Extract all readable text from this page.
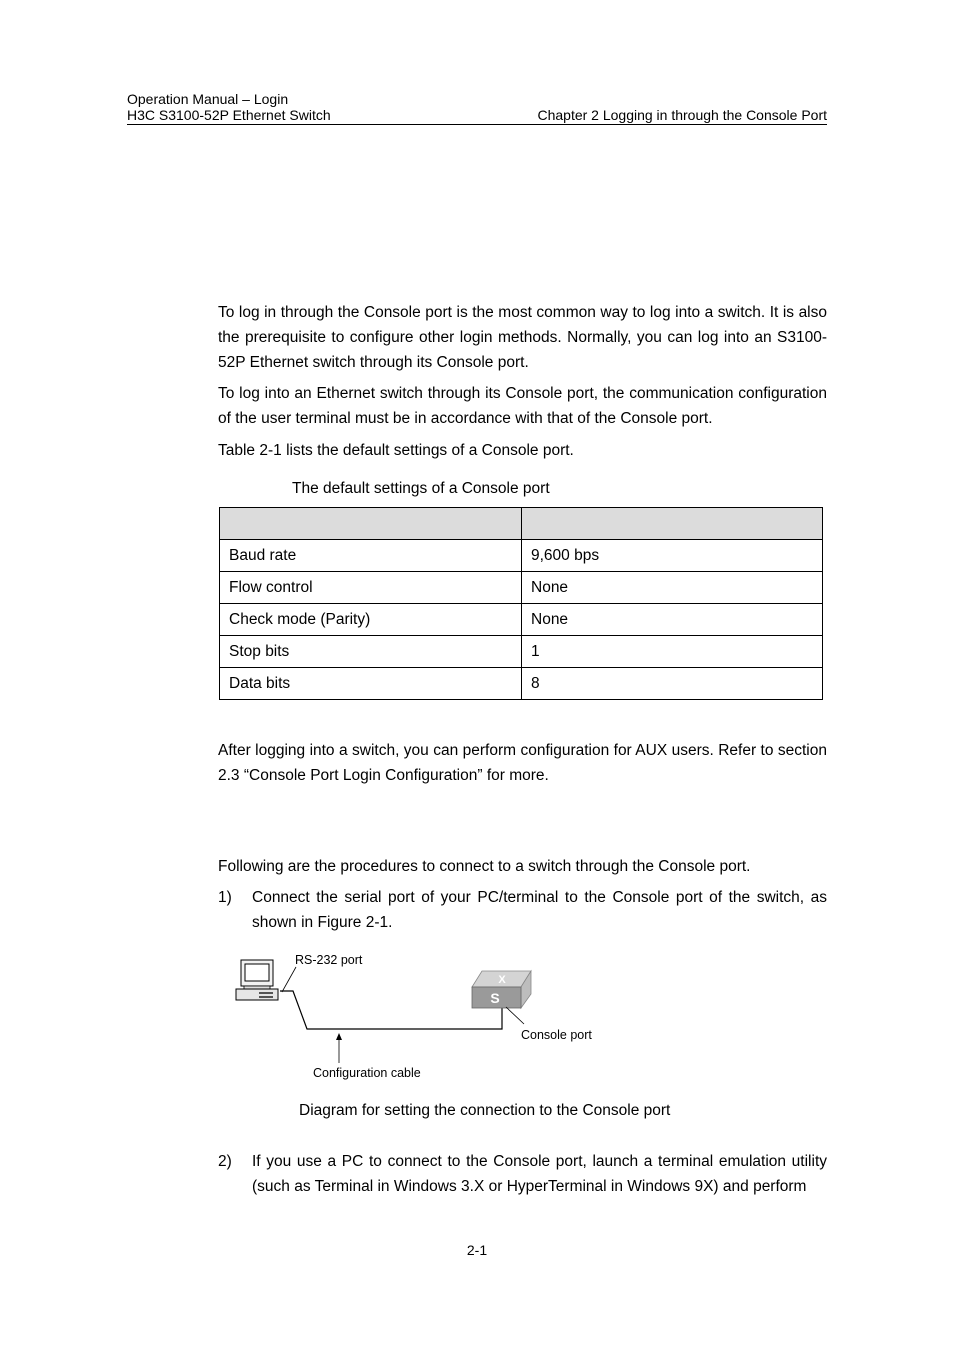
Operation Manual – Login
H3C S3100-52P Ethernet Switch	Chapter 2 Logging in through the Console Port
To log in through the Console port is the most common way to log into a switch. It is also the prerequisite to configure other login methods. Normally, you can log into an S3100-52P Ethernet switch through its Console port.
To log into an Ethernet switch through its Console port, the communication configuration of the user terminal must be in accordance with that of the Console port.
Table 2-1 lists the default settings of a Console port.
The default settings of a Console port

Baud rate	9,600 bps
Flow control	None
Check mode (Parity)	None
Stop bits	1
Data bits	8
After logging into a switch, you can perform configuration for AUX users. Refer to section 2.3 “Console Port Login Configuration” for more.
Following are the procedures to connect to a switch through the Console port.
1) Connect the serial port of your PC/terminal to the Console port of the switch, as shown in Figure 2-1.
X
S
RS-232 port
Console port
Configuration cable
Diagram for setting the connection to the Console port
2) If you use a PC to connect to the Console port, launch a terminal emulation utility (such as Terminal in Windows 3.X or HyperTerminal in Windows 9X) and perform
2-1
